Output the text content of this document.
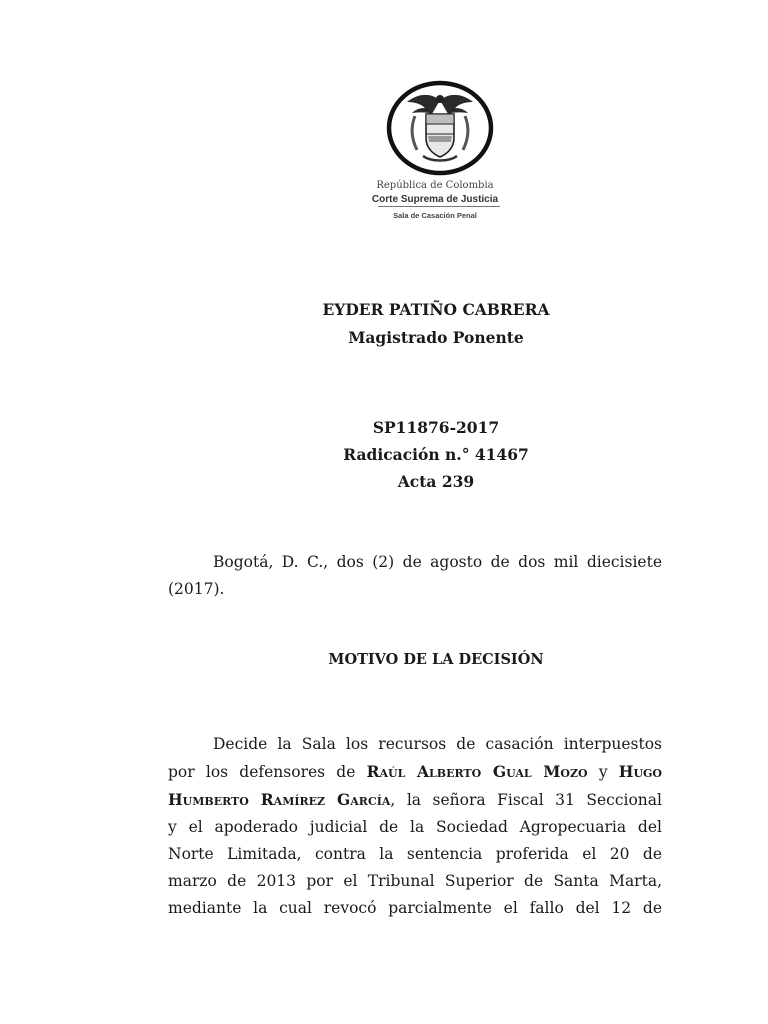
República de Colombia
Corte Suprema de Justicia
Sala de Casación Penal
EYDER PATIÑO CABRERA
Magistrado Ponente
SP11876-2017
Radicación n.° 41467
Acta 239
Bogotá, D. C., dos (2) de agosto de dos mil diecisiete
(2017).
MOTIVO DE LA DECISIÓN
Decide la Sala los recursos de casación interpuestos
por los defensores de Raúl Alberto Gual Mozo y Hugo
Humberto Ramírez García, la señora Fiscal 31 Seccional
y el apoderado judicial de la Sociedad Agropecuaria del
Norte Limitada, contra la sentencia proferida el 20 de
marzo de 2013 por el Tribunal Superior de Santa Marta,
mediante la cual revocó parcialmente el fallo del 12 de
